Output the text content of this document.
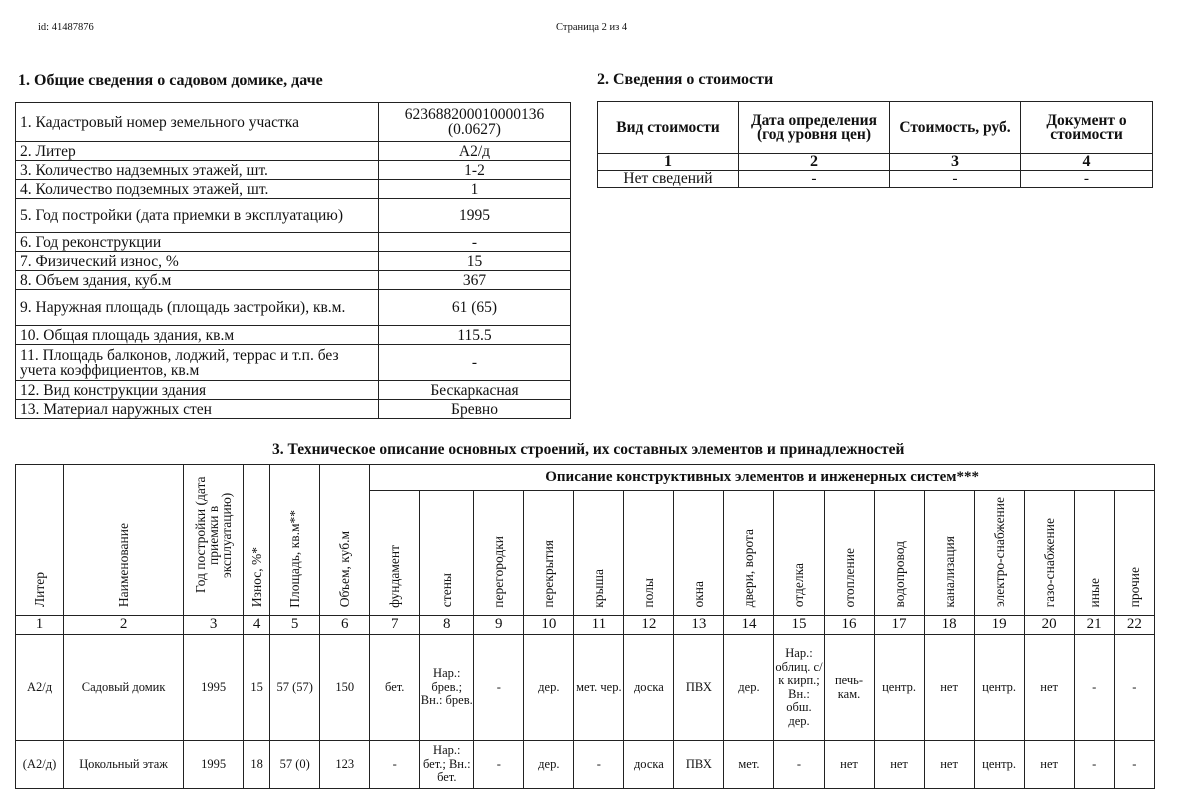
id: 41487876	Страница 2 из 4
1. Общие сведения о садовом домике, даче	2. Сведения о стоимости
1. Кадастровый номер земельного участка	623688200010000136 (0.0627)
2. Литер	А2/д
3. Количество надземных этажей, шт.	1-2
4. Количество подземных этажей, шт.	1
5. Год постройки (дата приемки в эксплуатацию)	1995
6. Год реконструкции	-
7. Физический износ, %	15
8. Объем здания, куб.м	367
9. Наружная площадь (площадь застройки), кв.м.	61 (65)
10. Общая площадь здания, кв.м	115.5
11. Площадь балконов, лоджий, террас и т.п. без учета коэффициентов, кв.м	-
12. Вид конструкции здания	Бескаркасная
13. Материал наружных стен	Бревно
Вид стоимости	Дата определения (год уровня цен)	Стоимость, руб.	Документ о стоимости
1	2	3	4
Нет сведений	-	-	-
3. Техническое описание основных строений, их составных элементов и принадлежностей
Литер	Наименование	Год постройки (дата приемки в эксплуатацию)	Износ, %*	Площадь, кв.м**	Объем, куб.м	Описание конструктивных элементов и инженерных систем***															
						фундамент	стены	перегородки	перекрытия	крыша	полы	окна	двери, ворота	отделка	отопление	водопровод	канализация	электро-снабжение	газо-снабжение	иные	прочие
1	2	3	4	5	6	7	8	9	10	11	12	13	14	15	16	17	18	19	20	21	22
А2/д	Садовый домик	1995	15	57 (57)	150	бет.	Нар.: брев.; Вн.: брев.	-	дер.	мет. чер.	доска	ПВХ	дер.	Нар.: облиц. с/к кирп.; Вн.: обш. дер.	печь-кам.	центр.	нет	центр.	нет	-	-
(А2/д)	Цокольный этаж	1995	18	57 (0)	123	-	Нар.: бет.; Вн.: бет.	-	дер.	-	доска	ПВХ	мет.	-	нет	нет	нет	центр.	нет	-	-
